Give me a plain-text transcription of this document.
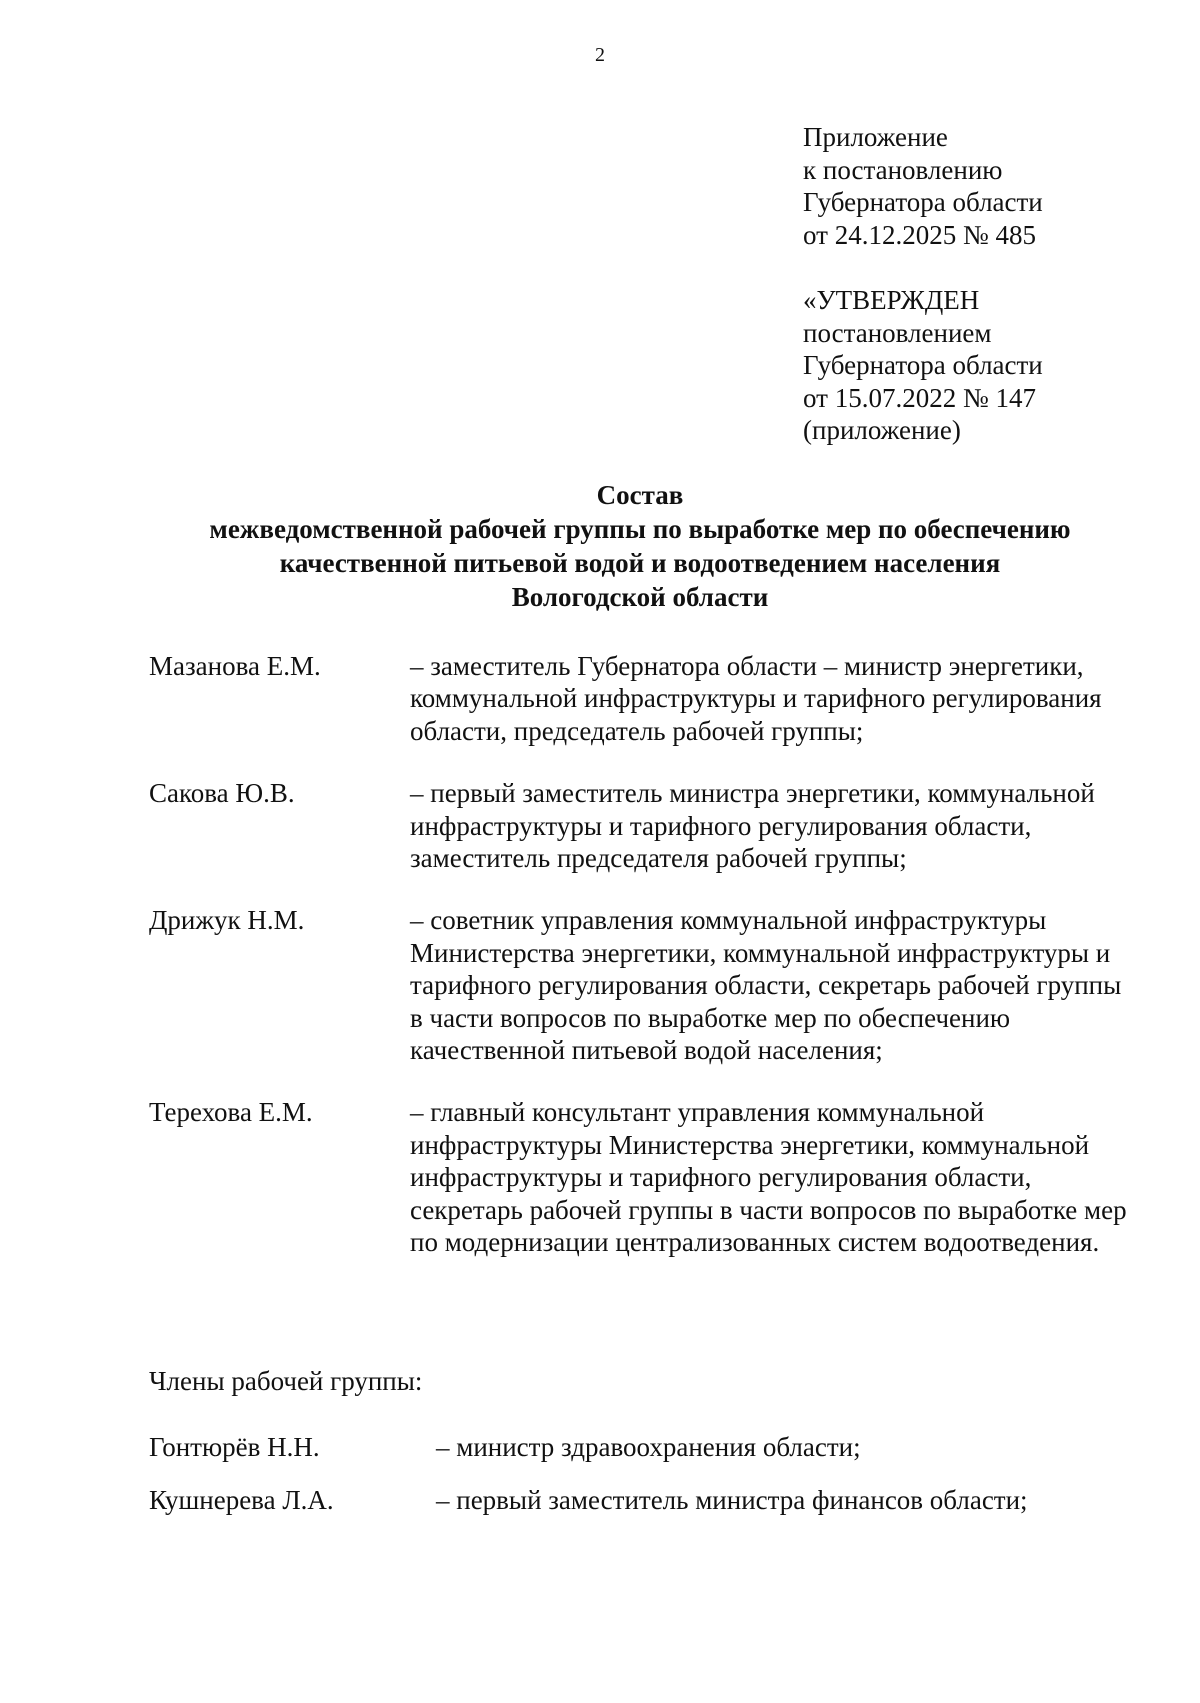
2
Приложение
к постановлению
Губернатора области
от 24.12.2025 № 485
«УТВЕРЖДЕН
постановлением
Губернатора области
от 15.07.2022 № 147
(приложение)
Состав
межведомственной рабочей группы по выработке мер по обеспечению
качественной питьевой водой и водоотведением населения
Вологодской области
Мазанова Е.М.	– заместитель Губернатора области – министр энергетики, коммунальной инфраструктуры и тарифного регулирования области, председатель рабочей группы;
Сакова Ю.В.	– первый заместитель министра энергетики, коммунальной инфраструктуры и тарифного регулирования области, заместитель председателя рабочей группы;
Дрижук Н.М.	– советник управления коммунальной инфраструктуры Министерства энергетики, коммунальной инфраструктуры и тарифного регулирования области, секретарь рабочей группы в части вопросов по выработке мер по обеспечению качественной питьевой водой населения;
Терехова Е.М.	– главный консультант управления коммунальной инфраструктуры Министерства энергетики, коммунальной инфраструктуры и тарифного регулирования области, секретарь рабочей группы в части вопросов по выработке мер по модернизации централизованных систем водоотведения.
Члены рабочей группы:
Гонтюрёв Н.Н.	– министр здравоохранения области;
Кушнерева Л.А.	– первый заместитель министра финансов области;
